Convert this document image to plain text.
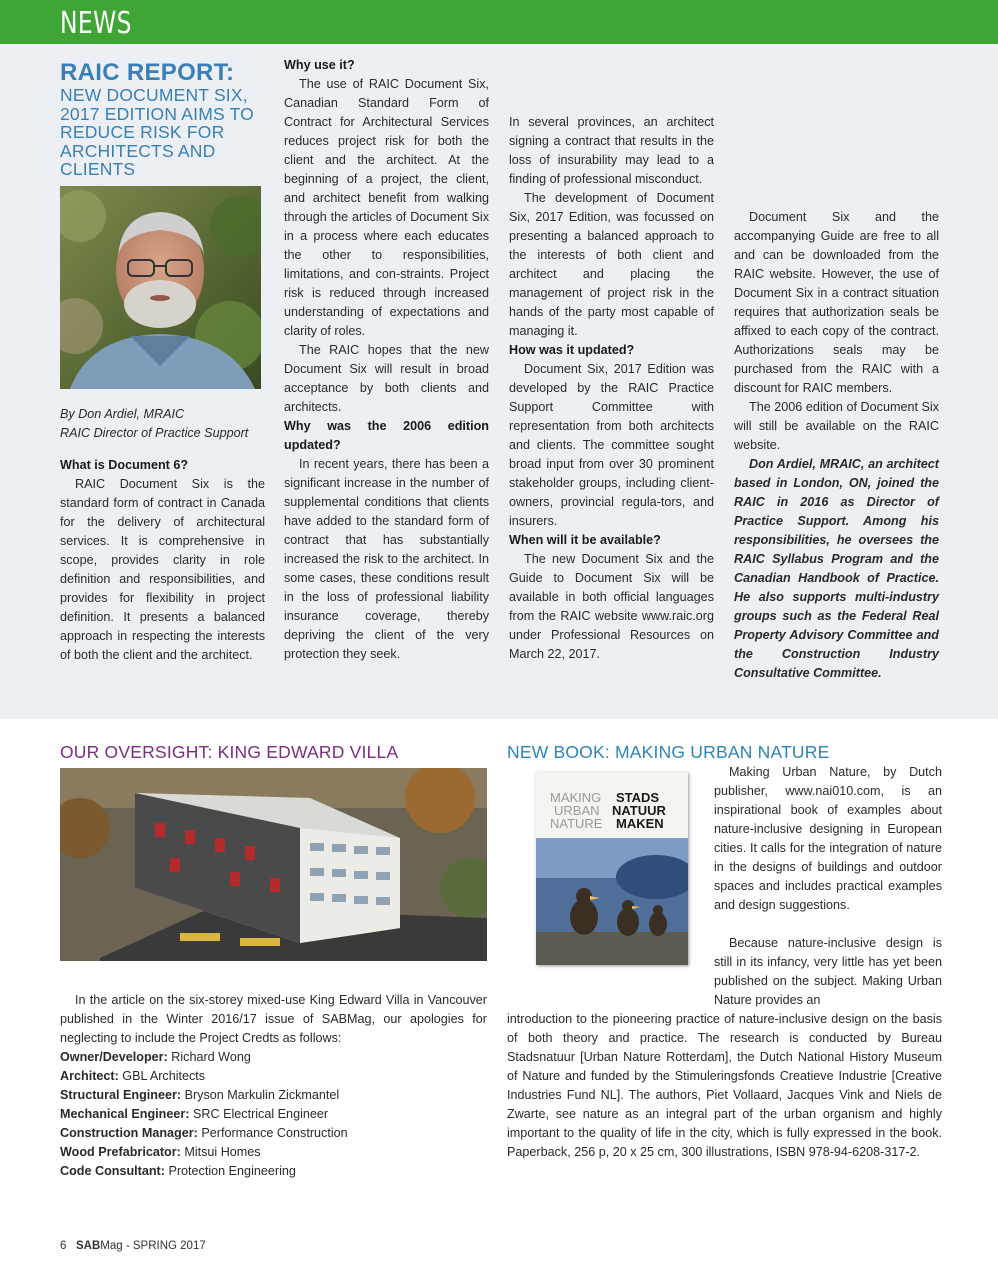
NEWS
RAIC REPORT:
NEW DOCUMENT SIX, 2017 EDITION AIMS TO REDUCE RISK FOR ARCHITECTS AND CLIENTS
By Don Ardiel, MRAIC
RAIC Director of Practice Support
What is Document 6?

RAIC Document Six is the standard form of contract in Canada for the delivery of architectural services. It is comprehensive in scope, provides clarity in role definition and responsibilities, and provides for flexibility in project definition. It presents a balanced approach in respecting the interests of both the client and the architect.

Why use it?

The use of RAIC Document Six, Canadian Standard Form of Contract for Architectural Services reduces project risk for both the client and the architect. At the beginning of a project, the client, and architect benefit from walking through the articles of Document Six in a process where each educates the other to responsibilities, limitations, and con-straints. Project risk is reduced through increased understanding of expectations and clarity of roles.

The RAIC hopes that the new Document Six will result in broad acceptance by both clients and architects.

Why was the 2006 edition updated?

In recent years, there has been a significant increase in the number of supplemental conditions that clients have added to the standard form of contract that has substantially increased the risk to the architect. In some cases, these conditions result in the loss of professional liability insurance coverage, thereby depriving the client of the very protection they seek.

In several provinces, an architect signing a contract that results in the loss of insurability may lead to a finding of professional misconduct.

The development of Document Six, 2017 Edition, was focussed on presenting a balanced approach to the interests of both client and architect and placing the management of project risk in the hands of the party most capable of managing it.

How was it updated?

Document Six, 2017 Edition was developed by the RAIC Practice Support Committee with representation from both architects and clients. The committee sought broad input from over 30 prominent stakeholder groups, including client-owners, provincial regula-tors, and insurers.

When will it be available?

The new Document Six and the Guide to Document Six will be available in both official languages from the RAIC website www.raic.org under Professional Resources on March 22, 2017.

Document Six and the accompanying Guide are free to all and can be downloaded from the RAIC website. However, the use of Document Six in a contract situation requires that authorization seals be affixed to each copy of the contract. Authorizations seals may be purchased from the RAIC with a discount for RAIC members.

The 2006 edition of Document Six will still be available on the RAIC website.

Don Ardiel, MRAIC, an architect based in London, ON, joined the RAIC in 2016 as Director of Practice Support. Among his responsibilities, he oversees the RAIC Syllabus Program and the Canadian Handbook of Practice. He also supports multi-industry groups such as the Federal Real Property Advisory Committee and the Construction Industry Consultative Committee.

OUR OVERSIGHT: KING EDWARD VILLA	NEW BOOK: MAKING URBAN NATURE

In the article on the six-storey mixed-use King Edward Villa in Vancouver published in the Winter 2016/17 issue of SABMag, our apologies for neglecting to include the Project Credts as follows:

Owner/Developer: Richard Wong
Architect: GBL Architects
Structural Engineer: Bryson Markulin Zickmantel
Mechanical Engineer: SRC Electrical Engineer
Construction Manager: Performance Construction
Wood Prefabricator: Mitsui Homes
Code Consultant: Protection Engineering
MAKING STADS
URBAN NATUUR
NATURE MAKEN

Making Urban Nature, by Dutch publisher, www.nai010.com, is an inspirational book of examples about nature-inclusive designing in European cities. It calls for the integration of nature in the designs of buildings and outdoor spaces and includes practical examples and design suggestions.

Because nature-inclusive design is still in its infancy, very little has yet been published on the subject. Making Urban Nature provides an

introduction to the pioneering practice of nature-inclusive design on the basis of both theory and practice. The research is conducted by Bureau Stadsnatuur [Urban Nature Rotterdam], the Dutch National History Museum of Nature and funded by the Stimuleringsfonds Creatieve Industrie [Creative Industries Fund NL]. The authors, Piet Vollaard, Jacques Vink and Niels de Zwarte, see nature as an integral part of the urban organism and highly important to the quality of life in the city, which is fully expressed in the book. Paperback, 256 p, 20 x 25 cm, 300 illustrations, ISBN 978-94-6208-317-2.

6 SABMag - SPRING 2017
